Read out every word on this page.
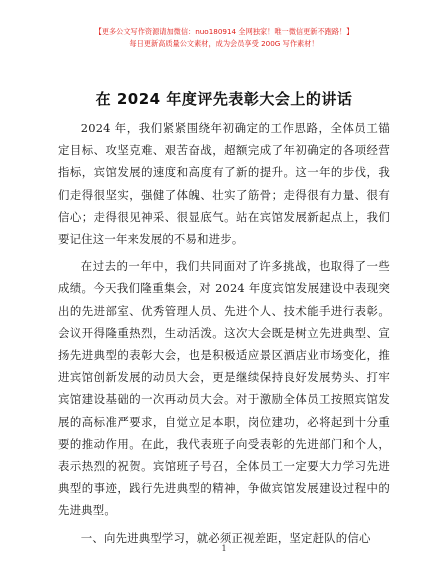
【更多公文写作资源请加微信：nuo180914 全网独家！唯一微信更新不跑路！】
每日更新高质量公文素材，成为会员享受 200G 写作素材！
在 2024 年度评先表彰大会上的讲话

2024 年，我们紧紧围绕年初确定的工作思路，全体员工锚定目标、攻坚克难、艰苦奋战，超额完成了年初确定的各项经营指标，宾馆发展的速度和高度有了新的提升。这一年的步伐，我们走得很坚实，强健了体魄、壮实了筋骨；走得很有力量、很有信心；走得很见神采、很显底气。站在宾馆发展新起点上，我们要记住这一年来发展的不易和进步。

在过去的一年中，我们共同面对了许多挑战，也取得了一些成绩。今天我们隆重集会，对 2024 年度宾馆发展建设中表现突出的先进部室、优秀管理人员、先进个人、技术能手进行表彰。会议开得隆重热烈，生动活泼。这次大会既是树立先进典型、宣扬先进典型的表彰大会，也是积极适应景区酒店业市场变化，推进宾馆创新发展的动员大会，更是继续保持良好发展势头、打牢宾馆建设基础的一次再动员大会。对于激励全体员工按照宾馆发展的高标准严要求，自觉立足本职，岗位建功，必将起到十分重要的推动作用。在此，我代表班子向受表彰的先进部门和个人，表示热烈的祝贺。宾馆班子号召，全体员工一定要大力学习先进典型的事迹，践行先进典型的精神，争做宾馆发展建设过程中的先进典型。

一、向先进典型学习，就必须正视差距，坚定赶队的信心

1
